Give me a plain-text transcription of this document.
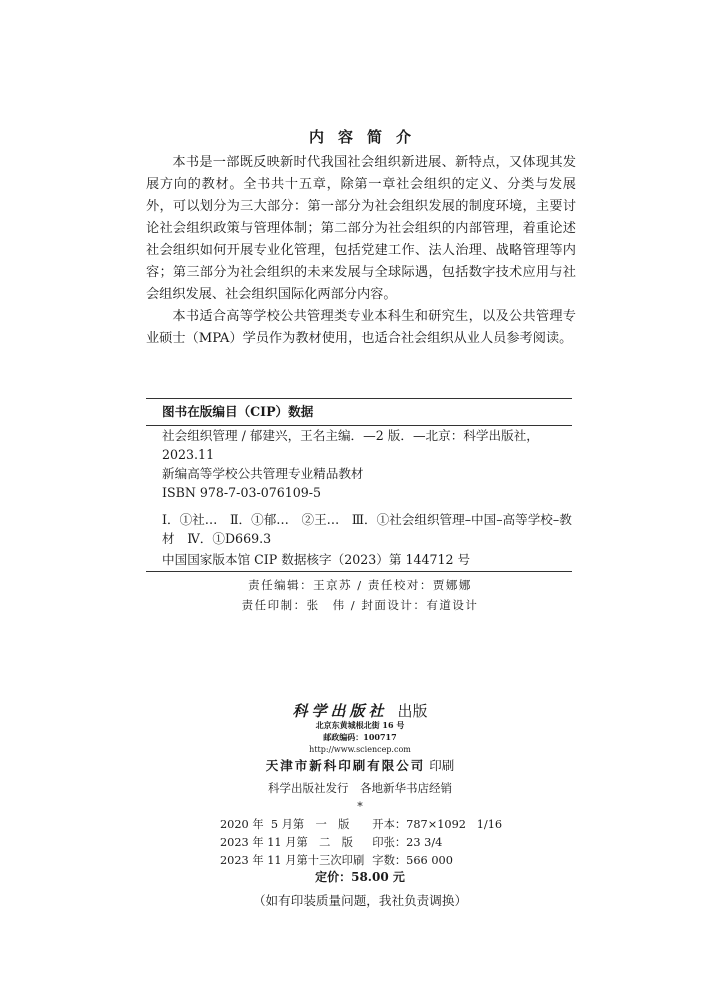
内容简介

本书是一部既反映新时代我国社会组织新进展、新特点，又体现其发展方向的教材。全书共十五章，除第一章社会组织的定义、分类与发展外，可以划分为三大部分：第一部分为社会组织发展的制度环境，主要讨论社会组织政策与管理体制；第二部分为社会组织的内部管理，着重论述社会组织如何开展专业化管理，包括党建工作、法人治理、战略管理等内容；第三部分为社会组织的未来发展与全球际遇，包括数字技术应用与社会组织发展、社会组织国际化两部分内容。

本书适合高等学校公共管理类专业本科生和研究生，以及公共管理专业硕士（MPA）学员作为教材使用，也适合社会组织从业人员参考阅读。

图书在版编目（CIP）数据
社会组织管理 / 郁建兴，王名主编．—2 版．—北京：科学出版社，2023.11
新编高等学校公共管理专业精品教材
ISBN 978-7-03-076109-5
Ⅰ．①社…　Ⅱ．①郁…　②王…　Ⅲ．①社会组织管理–中国–高等学校–教材　Ⅳ．①D669.3
中国国家版本馆 CIP 数据核字（2023）第 144712 号
责任编辑：王京苏 / 责任校对：贾娜娜
责任印制：张　伟 / 封面设计：有道设计
科学出版社 出版
北京东黄城根北街 16 号
邮政编码：100717
http://www.sciencep.com
天津市新科印刷有限公司 印刷
科学出版社发行　各地新华书店经销
*
2020 年  5 月第　一　版		开本：787×1092   1/16
2023 年 11 月第　二　版		印张：23 3/4
2023 年 11 月第十三次印刷		字数：566 000
定价：58.00 元
（如有印装质量问题，我社负责调换）
